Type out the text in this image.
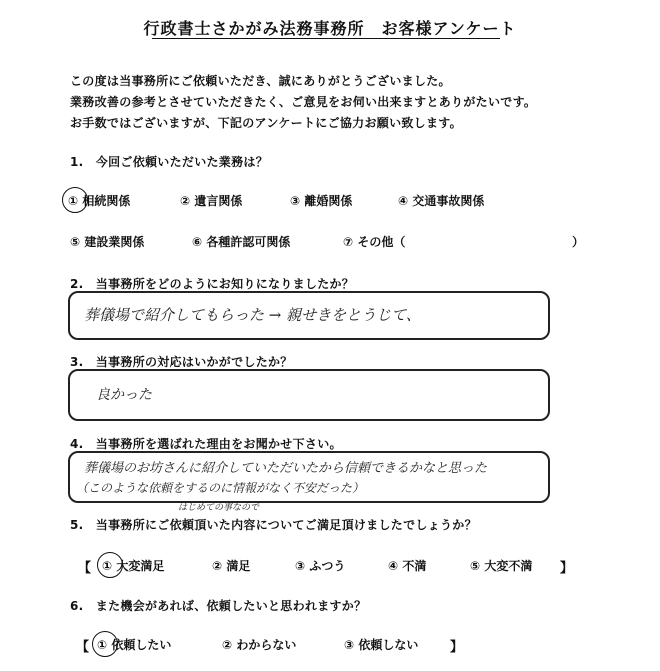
行政書士さかがみ法務事務所　お客様アンケート
この度は当事務所にご依頼いただき、誠にありがとうございました。
業務改善の参考とさせていただきたく、ご意見をお伺い出来ますとありがたいです。
お手数ではございますが、下記のアンケートにご協力お願い致します。
1.　今回ご依頼いただいた業務は？
① 相続関係	② 遺言関係	③ 離婚関係	④ 交通事故関係
⑤ 建設業関係	⑥ 各種許認可関係	⑦ その他（	）
2.　当事務所をどのようにお知りになりましたか？
葬儀場で紹介してもらった → 親せきをとうじて、
3.　当事務所の対応はいかがでしたか？
良かった
4.　当事務所を選ばれた理由をお聞かせ下さい。
葬儀場のお坊さんに紹介していただいたから信頼できるかなと思った
（このような依頼をするのに情報がなく不安だった）
はじめての事なので
5.　当事務所にご依頼頂いた内容についてご満足頂けましたでしょうか？
【 ① 大変満足	② 満足	③ ふつう	④ 不満	⑤ 大変不満 】
6.　また機会があれば、依頼したいと思われますか？
【 ① 依頼したい	② わからない	③ 依頼しない 】
